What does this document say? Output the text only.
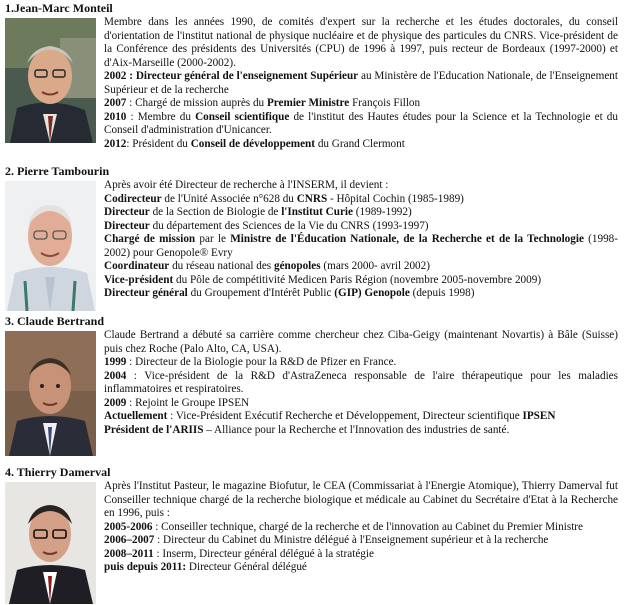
1.Jean-Marc Monteil

Membre dans les années 1990, de comités d'expert sur la recherche et les études doctorales, du conseil d'orientation de l'institut national de physique nucléaire et de physique des particules du CNRS. Vice-président de la Conférence des présidents des Universités (CPU) de 1996 à 1997, puis recteur de Bordeaux (1997-2000) et d'Aix-Marseille (2000-2002).

2002 : Directeur général de l'enseignement Supérieur au Ministère de l'Education Nationale, de l'Enseignement Supérieur et de la recherche

2007 : Chargé de mission auprès du Premier Ministre François Fillon

2010 : Membre du Conseil scientifique de l'institut des Hautes études pour la Science et la Technologie et du Conseil d'administration d'Unicancer.

2012: Président du Conseil de développement du Grand Clermont

2. Pierre Tambourin

Après avoir été Directeur de recherche à l'INSERM, il devient :

Codirecteur de l'Unité Associée n°628 du CNRS - Hôpital Cochin (1985-1989)

Directeur de la Section de Biologie de l'Institut Curie (1989-1992)

Directeur du département des Sciences de la Vie du CNRS (1993-1997)

Chargé de mission par le Ministre de l'Éducation Nationale, de la Recherche et de la Technologie (1998-2002) pour Genopole® Evry

Coordinateur du réseau national des génopoles (mars 2000- avril 2002)

Vice-président du Pôle de compétitivité Medicen Paris Région (novembre 2005-novembre 2009)

Directeur général du Groupement d'Intérêt Public (GIP) Genopole (depuis 1998)

3. Claude Bertrand

Claude Bertrand a débuté sa carrière comme chercheur chez Ciba-Geigy (maintenant Novartis) à Bâle (Suisse) puis chez Roche (Palo Alto, CA, USA).

1999 : Directeur de la Biologie pour la R&D de Pfizer en France.

2004 : Vice-président de la R&D d'AstraZeneca responsable de l'aire thérapeutique pour les maladies inflammatoires et respiratoires.

2009 : Rejoint le Groupe IPSEN

Actuellement : Vice-Président Exécutif Recherche et Développement, Directeur scientifique IPSEN

Président de l'ARIIS – Alliance pour la Recherche et l'Innovation des industries de santé.

4. Thierry Damerval

Après l'Institut Pasteur, le magazine Biofutur, le CEA (Commissariat à l'Energie Atomique), Thierry Damerval fut Conseiller technique chargé de la recherche biologique et médicale au Cabinet du Secrétaire d'Etat à la Recherche en 1996, puis :

2005-2006 : Conseiller technique, chargé de la recherche et de l'innovation au Cabinet du Premier Ministre

2006–2007 : Directeur du Cabinet du Ministre délégué à l'Enseignement supérieur et à la recherche

2008–2011 : Inserm, Directeur général délégué à la stratégie

puis depuis 2011: Directeur Général délégué
